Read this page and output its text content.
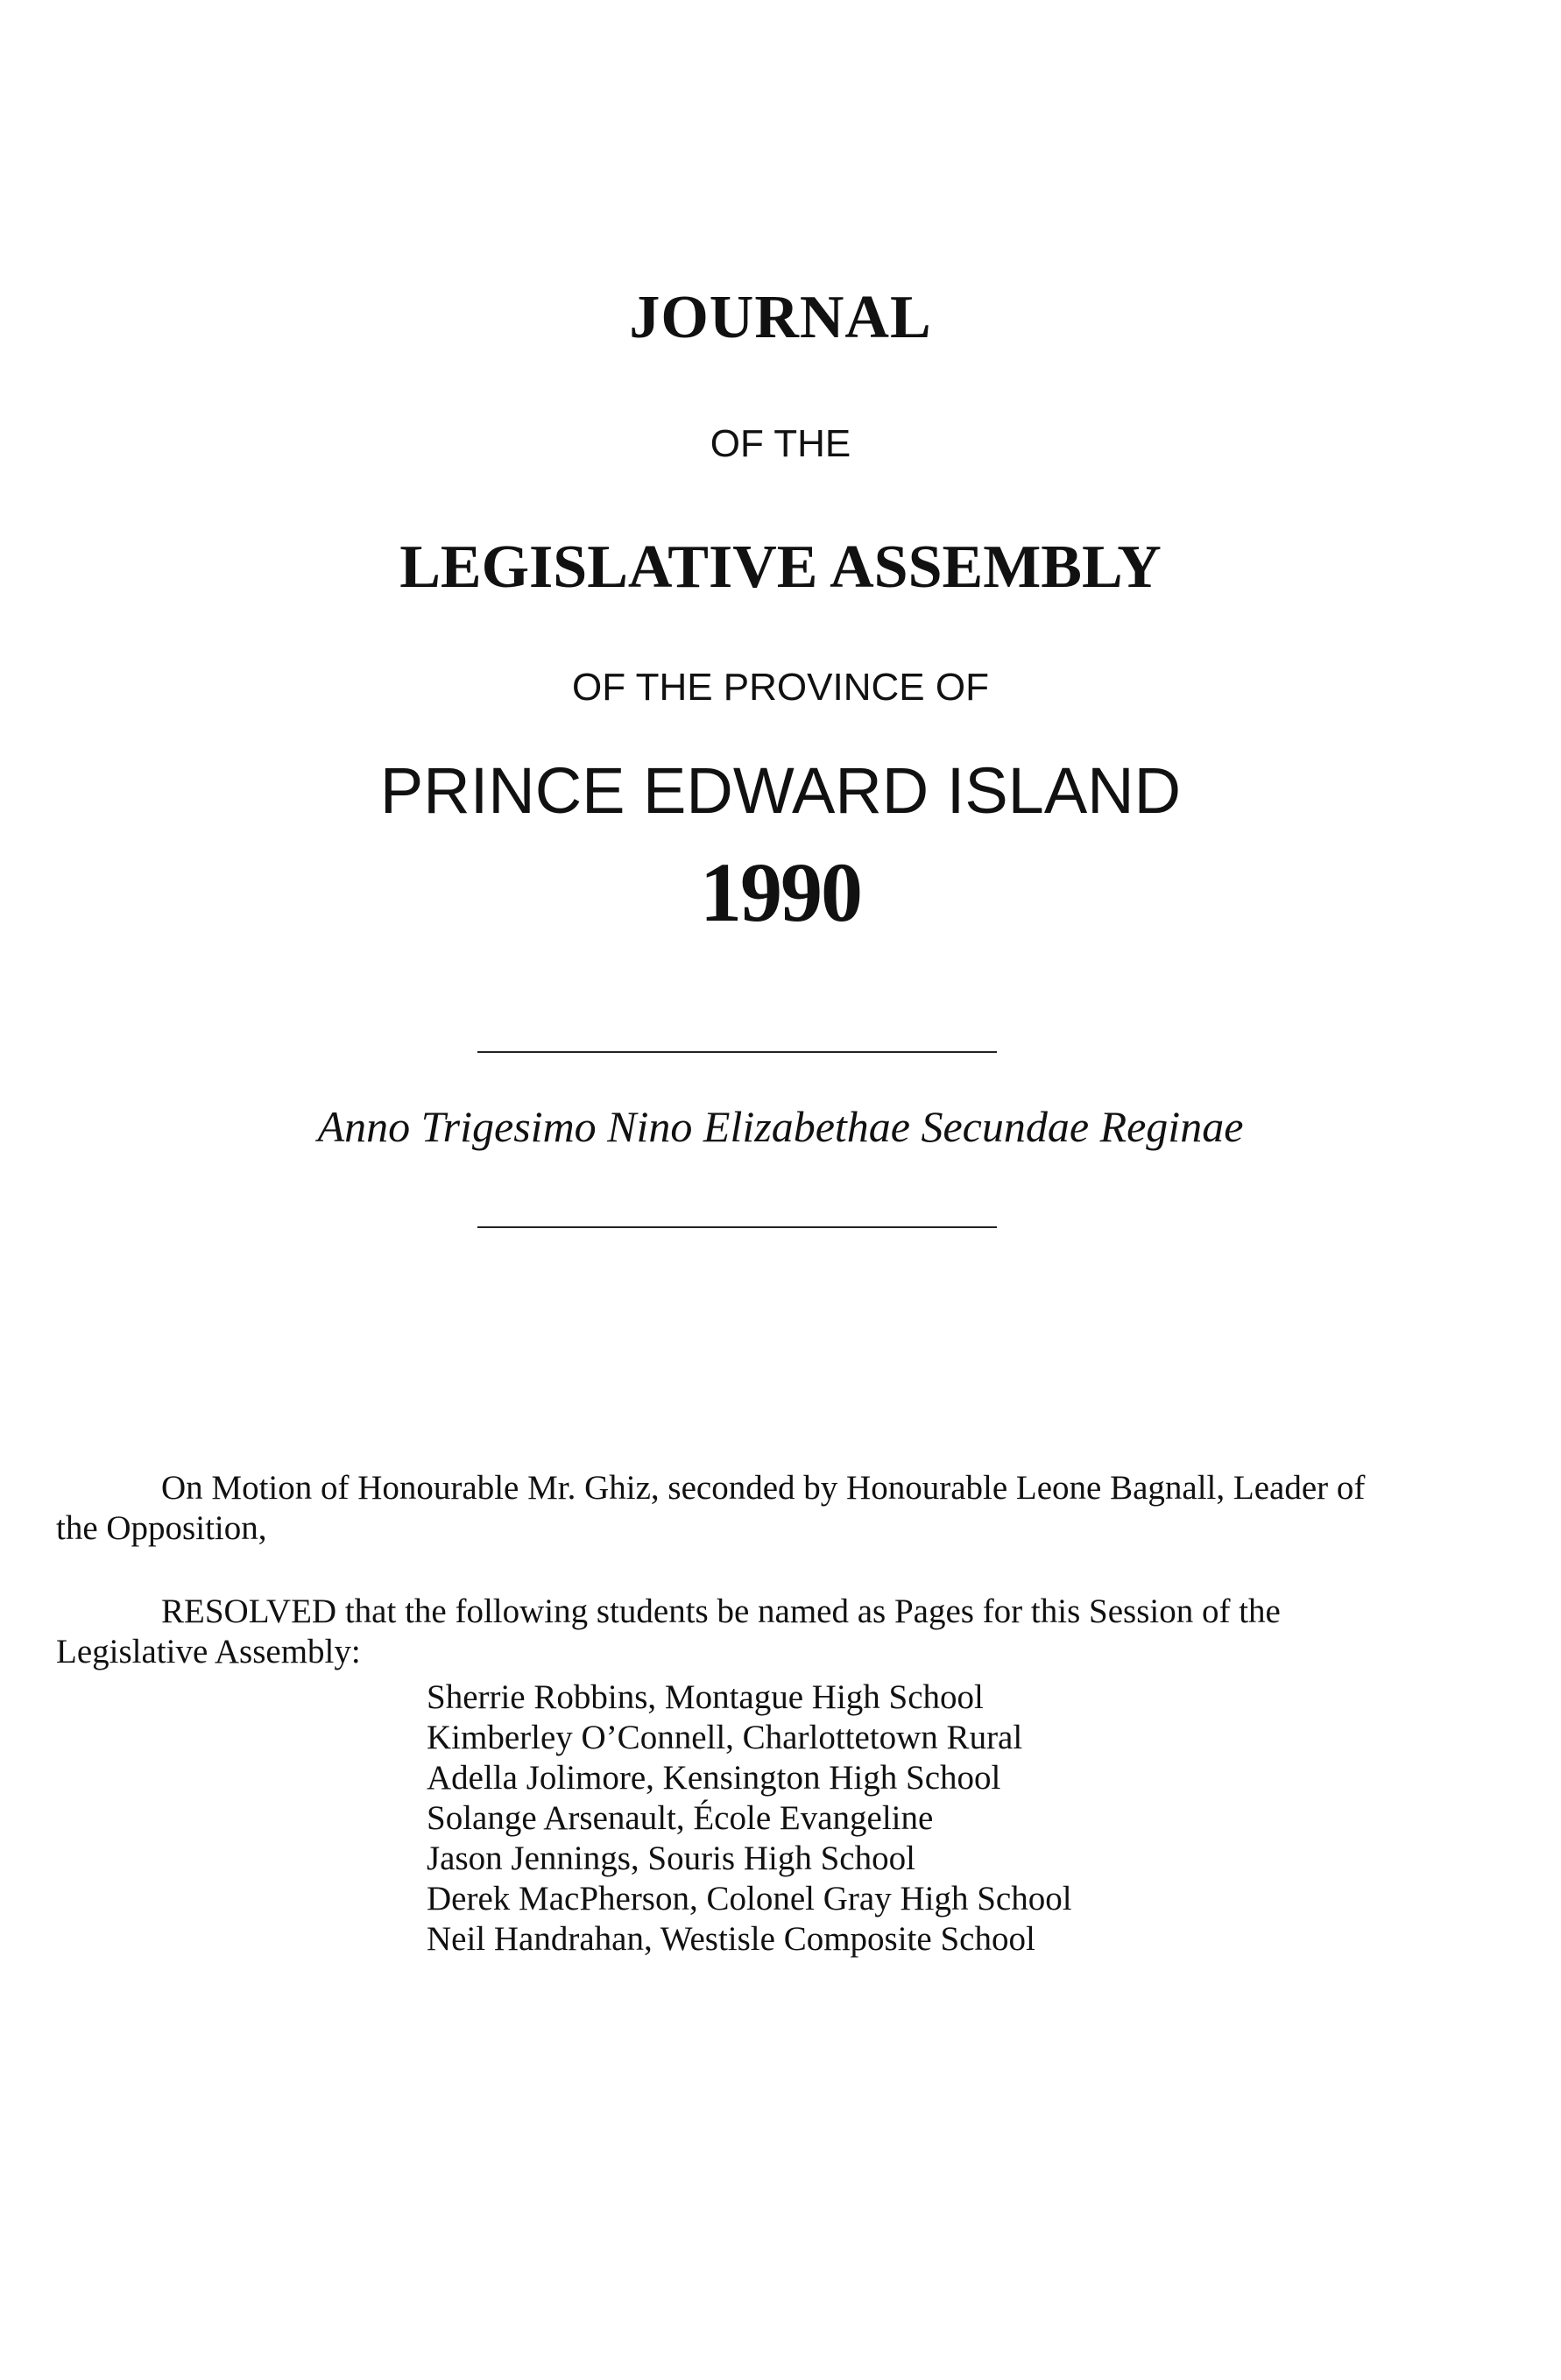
JOURNAL
OF THE
LEGISLATIVE ASSEMBLY
OF THE PROVINCE OF
PRINCE EDWARD ISLAND
1990
Anno Trigesimo Nino Elizabethae Secundae Reginae

On Motion of Honourable Mr. Ghiz, seconded by Honourable Leone Bagnall, Leader of the Opposition,

RESOLVED that the following students be named as Pages for this Session of the Legislative Assembly:

Sherrie Robbins, Montague High School
Kimberley O’Connell, Charlottetown Rural
Adella Jolimore, Kensington High School
Solange Arsenault, École Evangeline
Jason Jennings, Souris High School
Derek MacPherson, Colonel Gray High School
Neil Handrahan, Westisle Composite School
